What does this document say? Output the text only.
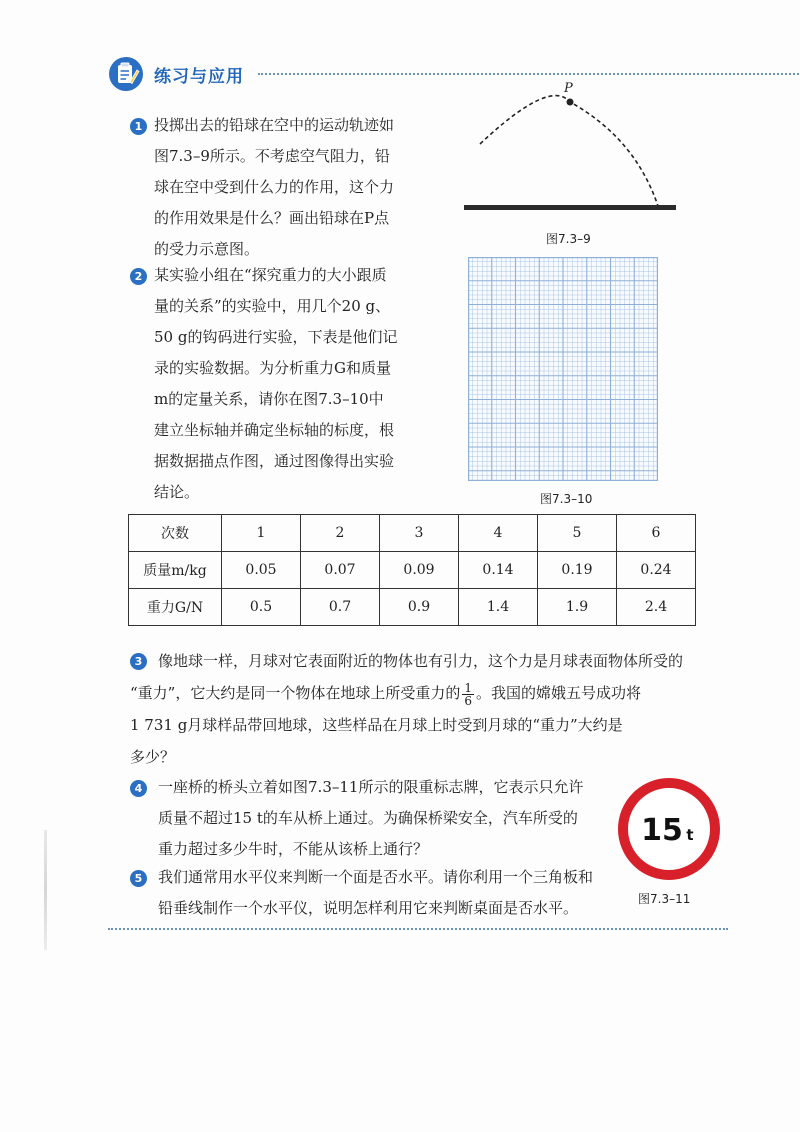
练习与应用
1 投掷出去的铅球在空中的运动轨迹如
图7.3–9所示。不考虑空气阻力，铅
球在空中受到什么力的作用，这个力
的作用效果是什么？画出铅球在P点
的受力示意图。
P
图7.3–9
2 某实验小组在“探究重力的大小跟质
量的关系”的实验中，用几个20 g、
50 g的钩码进行实验，下表是他们记
录的实验数据。为分析重力G和质量
m的定量关系，请你在图7.3–10中
建立坐标轴并确定坐标轴的标度，根
据数据描点作图，通过图像得出实验
结论。	图7.3–10
次数	1	2	3	4	5	6
质量m/kg	0.05	0.07	0.09	0.14	0.19	0.24
重力G/N	0.5	0.7	0.9	1.4	1.9	2.4
3	像地球一样，月球对它表面附近的物体也有引力，这个力是月球表面物体所受的
“重力”，它大约是同一个物体在地球上所受重力的 $\frac{1}{6}$ 。我国的嫦娥五号成功将
1 731 g月球样品带回地球，这些样品在月球上时受到月球的“重力”大约是
多少？
4	一座桥的桥头立着如图7.3–11所示的限重标志牌，它表示只允许
质量不超过15 t的车从桥上通过。为确保桥梁安全，汽车所受的
重力超过多少牛时，不能从该桥上通行？
5	我们通常用水平仪来判断一个面是否水平。请你利用一个三角板和
铅垂线制作一个水平仪，说明怎样利用它来判断桌面是否水平。
15 t
图7.3–11
